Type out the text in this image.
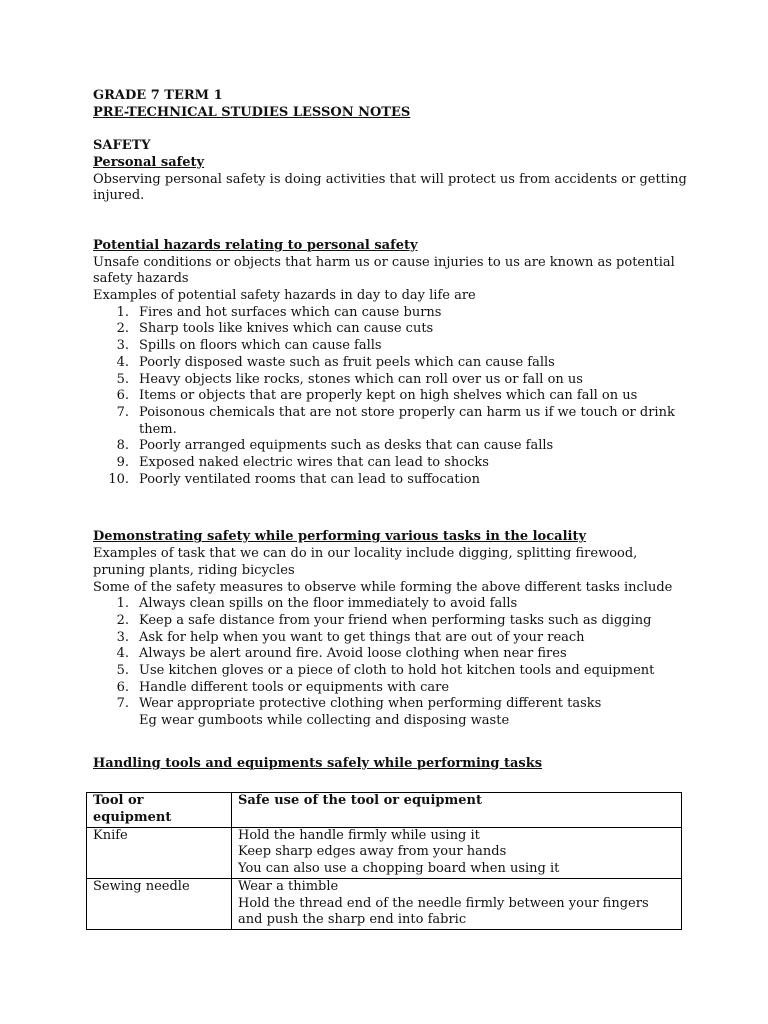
GRADE 7 TERM 1
PRE-TECHNICAL STUDIES LESSON NOTES
SAFETY
Personal safety
Observing personal safety is doing activities that will protect us from accidents or getting injured.
Potential hazards relating to personal safety
Unsafe conditions or objects that harm us or cause injuries to us are known as potential safety hazards
Examples of potential safety hazards in day to day life are
1. Fires and hot surfaces which can cause burns
2. Sharp tools like knives which can cause cuts
3. Spills on floors which can cause falls
4. Poorly disposed waste such as fruit peels which can cause falls
5. Heavy objects like rocks, stones which can roll over us or fall on us
6. Items or objects that are properly kept on high shelves which can fall on us
7. Poisonous chemicals that are not store properly can harm us if we touch or drink them.
8. Poorly arranged equipments such as desks that can cause falls
9. Exposed naked electric wires that can lead to shocks
10. Poorly ventilated rooms that can lead to suffocation
Demonstrating safety while performing various tasks in the locality
Examples of task that we can do in our locality include digging, splitting firewood, pruning plants, riding bicycles
Some of the safety measures to observe while forming the above different tasks include
1. Always clean spills on the floor immediately to avoid falls
2. Keep a safe distance from your friend when performing tasks such as digging
3. Ask for help when you want to get things that are out of your reach
4. Always be alert around fire. Avoid loose clothing when near fires
5. Use kitchen gloves or a piece of cloth to hold hot kitchen tools and equipment
6. Handle different tools or equipments with care
7. Wear appropriate protective clothing when performing different tasks
Eg wear gumboots while collecting and disposing waste
Handling tools and equipments safely while performing tasks
Tool or equipment	Safe use of the tool or equipment
Knife	Hold the handle firmly while using it
Keep sharp edges away from your hands
You can also use a chopping board when using it

Sewing needle	Wear a thimble
Hold the thread end of the needle firmly between your fingers and push the sharp end into fabric
